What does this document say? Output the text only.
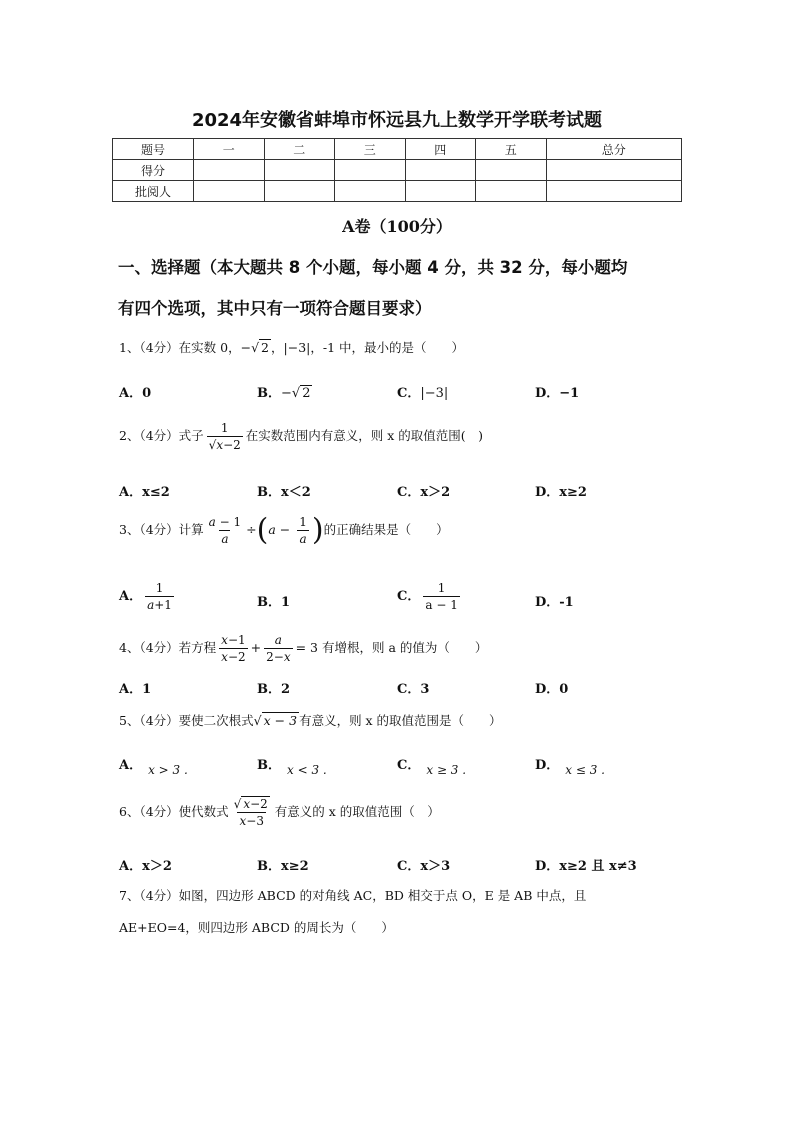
2024年安徽省蚌埠市怀远县九上数学开学联考试题
题号	一	二	三	四	五	总分
得分						
批阅人						
A卷（100分）
一、选择题（本大题共 8 个小题，每小题 4 分，共 32 分，每小题均
有四个选项，其中只有一项符合题目要求）
1、（4分）在实数 0，−√ 2 ，|−3|，-1 中，最小的是（　　）
A．0	B．−√ 2	C．|−3|	D．−1
2、（4分）式子 $\frac{1}{√x-2}$ 在实数范围内有意义，则 x 的取值范围(　)
A．x≤2	B．x＜2	C．x＞2	D．x≥2
3、（4分）计算 $\frac{a - 1}{a} \div(a - \frac{1}{a}$ )的正确结果是（　　）
A． $\frac{1}{a+1}$	B．1	C． $\frac{1}{a - 1}$	D．-1
4、（4分）若方程 $\frac{x-1}{x-2} + \frac{a}{2-x} = 3$ 有增根，则 a 的值为（　　）
A．1	B．2	C．3	D．0
5、（4分）要使二次根式√ x − 3 有意义，则 x 的取值范围是（　　）
A． x > 3 .	B． x < 3 .	C． x ≥ 3 .	D． x ≤ 3 .
6、（4分）使代数式 $\frac{√ x-2}{x-3}$ 有意义的 x 的取值范围（　）
A．x＞2	B．x≥2	C．x＞3	D．x≥2 且 x≠3
7、（4分）如图，四边形 ABCD 的对角线 AC，BD 相交于点 O，E 是 AB 中点，且
AE+EO=4，则四边形 ABCD 的周长为（　　）
